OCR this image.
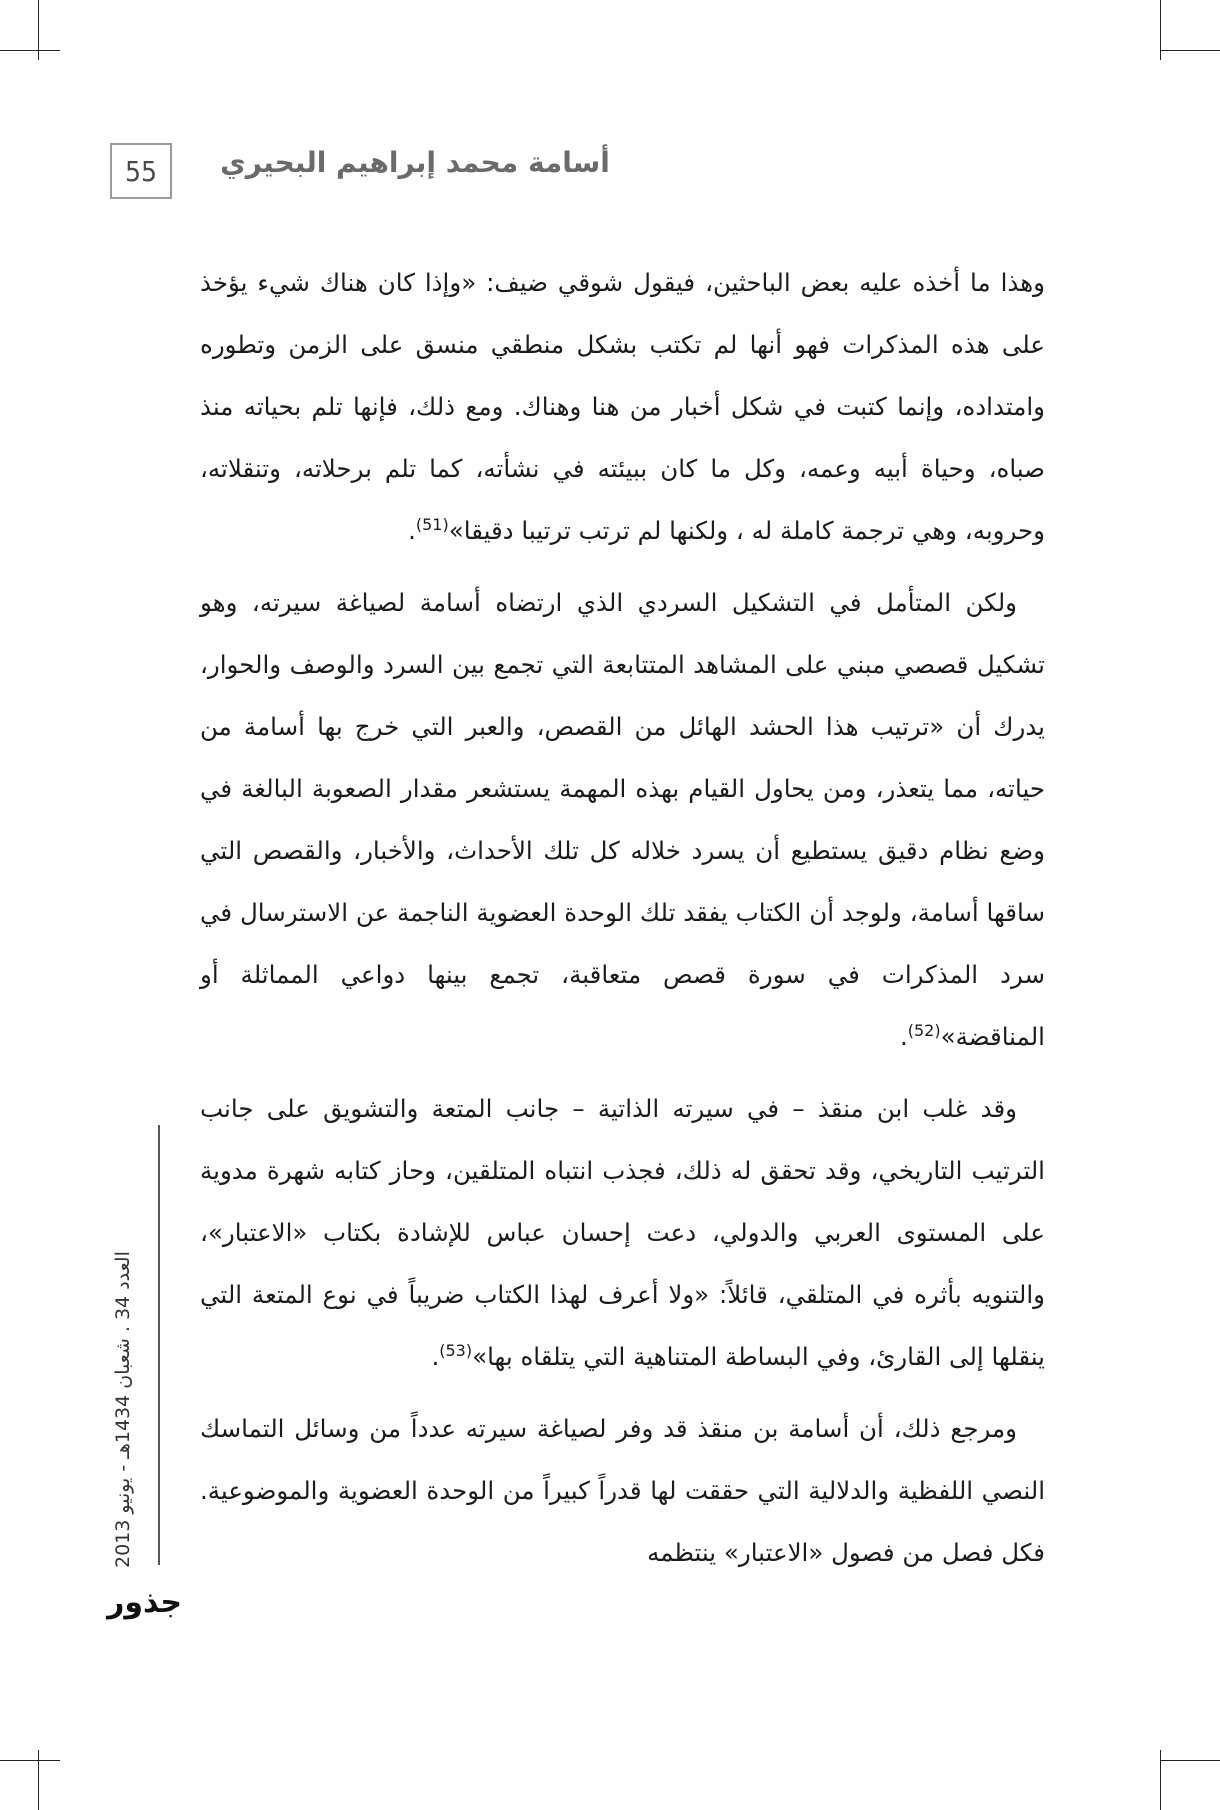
55	أسامة محمد إبراهيم البحيري

وهذا ما أخذه عليه بعض الباحثين، فيقول شوقي ضيف: «وإذا كان هناك شيء يؤخذ على هذه المذكرات فهو أنها لم تكتب بشكل منطقي منسق على الزمن وتطوره وامتداده، وإنما كتبت في شكل أخبار من هنا وهناك. ومع ذلك، فإنها تلم بحياته منذ صباه، وحياة أبيه وعمه، وكل ما كان ببيئته في نشأته، كما تلم برحلاته، وتنقلاته، وحروبه، وهي ترجمة كاملة له ، ولكنها لم ترتب ترتيبا دقيقا»$^{(51)}$.

ولكن المتأمل في التشكيل السردي الذي ارتضاه أسامة لصياغة سيرته، وهو تشكيل قصصي مبني على المشاهد المتتابعة التي تجمع بين السرد والوصف والحوار، يدرك أن «ترتيب هذا الحشد الهائل من القصص، والعبر التي خرج بها أسامة من حياته، مما يتعذر، ومن يحاول القيام بهذه المهمة يستشعر مقدار الصعوبة البالغة في وضع نظام دقيق يستطيع أن يسرد خلاله كل تلك الأحداث، والأخبار، والقصص التي ساقها أسامة، ولوجد أن الكتاب يفقد تلك الوحدة العضوية الناجمة عن الاسترسال في سرد المذكرات في سورة قصص متعاقبة، تجمع بينها دواعي المماثلة أو المناقضة»$^{(52)}$.

وقد غلب ابن منقذ – في سيرته الذاتية – جانب المتعة والتشويق على جانب الترتيب التاريخي، وقد تحقق له ذلك، فجذب انتباه المتلقين، وحاز كتابه شهرة مدوية على المستوى العربي والدولي، دعت إحسان عباس للإشادة بكتاب «الاعتبار»، والتنويه بأثره في المتلقي، قائلاً: «ولا أعرف لهذا الكتاب ضريباً في نوع المتعة التي ينقلها إلى القارئ، وفي البساطة المتناهية التي يتلقاه بها»$^{(53)}$.

ومرجع ذلك، أن أسامة بن منقذ قد وفر لصياغة سيرته عدداً من وسائل التماسك النصي اللفظية والدلالية التي حققت لها قدراً كبيراً من الوحدة العضوية والموضوعية. فكل فصل من فصول «الاعتبار» ينتظمه

العدد 34 . شعبان 1434هـ - يونيو 2013
جذور
